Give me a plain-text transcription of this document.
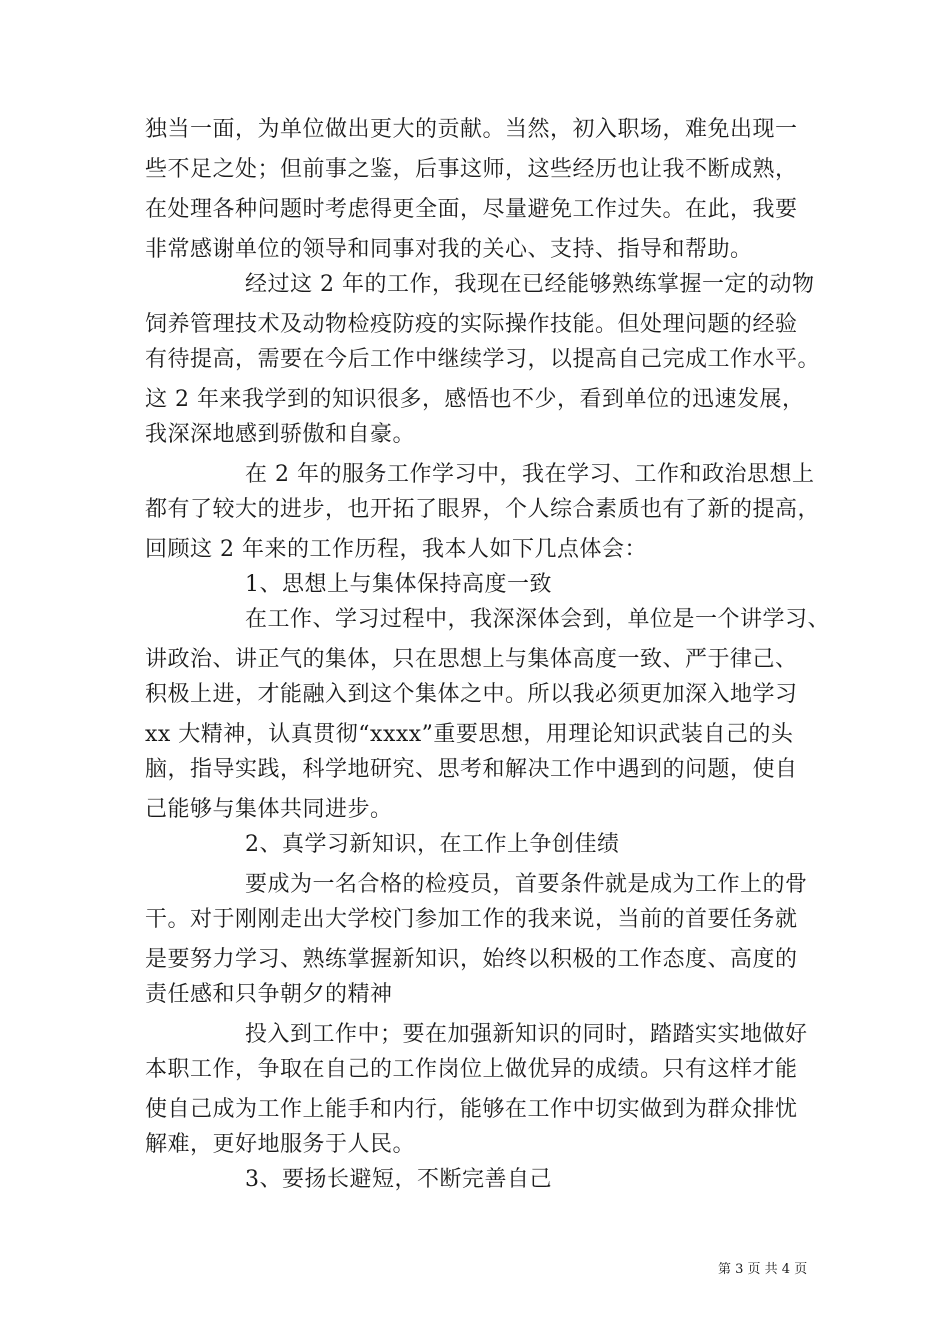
独当一面，为单位做出更大的贡献。当然，初入职场，难免出现一
些不足之处；但前事之鉴，后事这师，这些经历也让我不断成熟，
在处理各种问题时考虑得更全面，尽量避免工作过失。在此，我要
非常感谢单位的领导和同事对我的关心、支持、指导和帮助。
经过这 2 年的工作，我现在已经能够熟练掌握一定的动物
饲养管理技术及动物检疫防疫的实际操作技能。但处理问题的经验
有待提高，需要在今后工作中继续学习，以提高自己完成工作水平。
这 2 年来我学到的知识很多，感悟也不少，看到单位的迅速发展，
我深深地感到骄傲和自豪。
在 2 年的服务工作学习中，我在学习、工作和政治思想上
都有了较大的进步，也开拓了眼界，个人综合素质也有了新的提高，
回顾这 2 年来的工作历程，我本人如下几点体会：
1、思想上与集体保持高度一致
在工作、学习过程中，我深深体会到，单位是一个讲学习、
讲政治、讲正气的集体，只在思想上与集体高度一致、严于律己、
积极上进，才能融入到这个集体之中。所以我必须更加深入地学习
xx 大精神，认真贯彻“xxxx”重要思想，用理论知识武装自己的头
脑，指导实践，科学地研究、思考和解决工作中遇到的问题，使自
己能够与集体共同进步。
2、真学习新知识，在工作上争创佳绩
要成为一名合格的检疫员，首要条件就是成为工作上的骨
干。对于刚刚走出大学校门参加工作的我来说，当前的首要任务就
是要努力学习、熟练掌握新知识，始终以积极的工作态度、高度的
责任感和只争朝夕的精神
投入到工作中；要在加强新知识的同时，踏踏实实地做好
本职工作，争取在自己的工作岗位上做优异的成绩。只有这样才能
使自己成为工作上能手和内行，能够在工作中切实做到为群众排忧
解难，更好地服务于人民。
3、要扬长避短，不断完善自己
第 3 页 共 4 页
